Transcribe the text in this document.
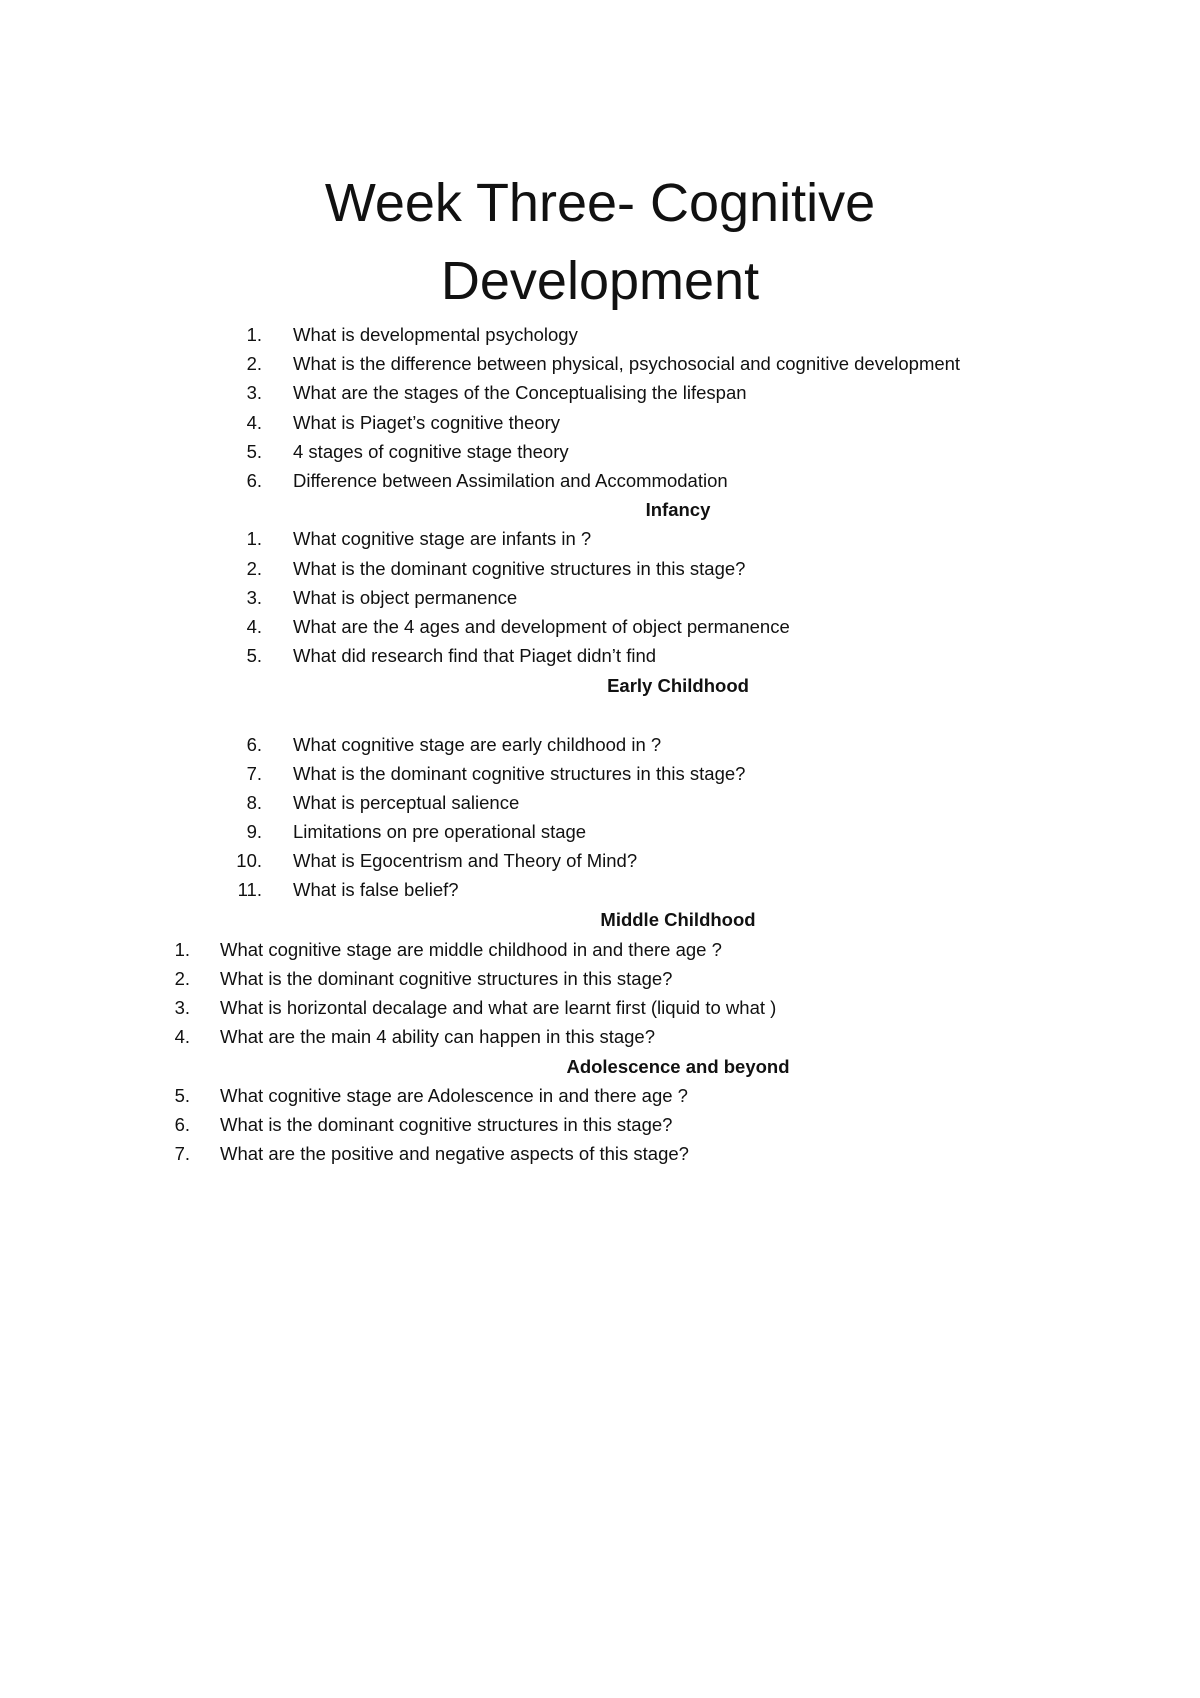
Week Three- Cognitive
Development
1. What is developmental psychology
2. What is the difference between physical, psychosocial and cognitive development
3. What are the stages of the Conceptualising the lifespan
4. What is Piaget’s cognitive theory
5. 4 stages of cognitive stage theory
6. Difference between Assimilation and Accommodation
Infancy
1. What cognitive stage are infants in ?
2. What is the dominant cognitive structures in this stage?
3. What is object permanence
4. What are the 4 ages and development of object permanence
5. What did research find that Piaget didn’t find
Early Childhood
6. What cognitive stage are early childhood in ?
7. What is the dominant cognitive structures in this stage?
8. What is perceptual salience
9. Limitations on pre operational stage
10. What is Egocentrism and Theory of Mind?
11. What is false belief?
Middle Childhood
1. What cognitive stage are middle childhood in and there age ?
2. What is the dominant cognitive structures in this stage?
3. What is horizontal decalage and what are learnt first (liquid to what )
4. What are the main 4 ability can happen in this stage?
Adolescence and beyond
5. What cognitive stage are Adolescence in and there age ?
6. What is the dominant cognitive structures in this stage?
7. What are the positive and negative aspects of this stage?
